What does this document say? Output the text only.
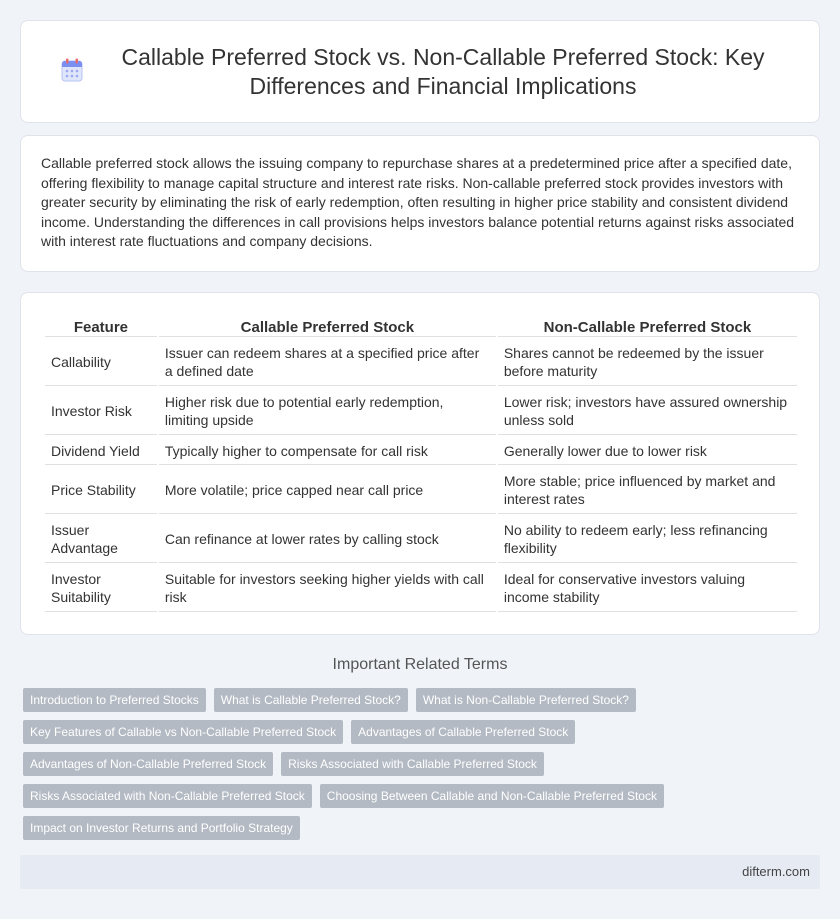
Callable Preferred Stock vs. Non-Callable Preferred Stock: Key Differences and Financial Implications

Callable preferred stock allows the issuing company to repurchase shares at a predetermined price after a specified date, offering flexibility to manage capital structure and interest rate risks. Non-callable preferred stock provides investors with greater security by eliminating the risk of early redemption, often resulting in higher price stability and consistent dividend income. Understanding the differences in call provisions helps investors balance potential returns against risks associated with interest rate fluctuations and company decisions.

Feature	Callable Preferred Stock	Non-Callable Preferred Stock
Callability	Issuer can redeem shares at a specified price after a defined date	Shares cannot be redeemed by the issuer before maturity
Investor Risk	Higher risk due to potential early redemption, limiting upside	Lower risk; investors have assured ownership unless sold
Dividend Yield	Typically higher to compensate for call risk	Generally lower due to lower risk
Price Stability	More volatile; price capped near call price	More stable; price influenced by market and interest rates
Issuer Advantage	Can refinance at lower rates by calling stock	No ability to redeem early; less refinancing flexibility
Investor Suitability	Suitable for investors seeking higher yields with call risk	Ideal for conservative investors valuing income stability
Important Related Terms
Introduction to Preferred Stocks	What is Callable Preferred Stock?	What is Non-Callable Preferred Stock?
Key Features of Callable vs Non-Callable Preferred Stock	Advantages of Callable Preferred Stock
Advantages of Non-Callable Preferred Stock	Risks Associated with Callable Preferred Stock
Risks Associated with Non-Callable Preferred Stock	Choosing Between Callable and Non-Callable Preferred Stock
Impact on Investor Returns and Portfolio Strategy
difterm.com
